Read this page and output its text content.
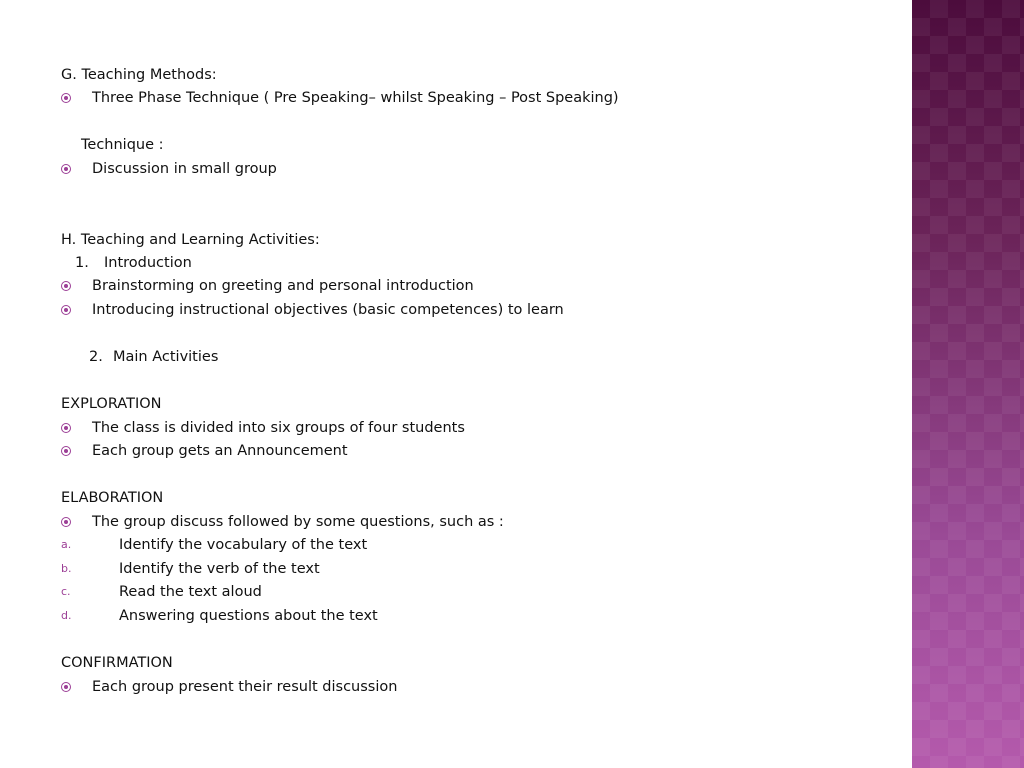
G. Teaching Methods:
Three Phase Technique ( Pre Speaking– whilst Speaking – Post Speaking)
Technique :
Discussion in small group
H. Teaching and Learning Activities:
1. Introduction
Brainstorming on greeting and personal introduction
Introducing instructional objectives (basic competences) to learn
2. Main Activities
EXPLORATION
The class is divided into six groups of four students
Each group gets an Announcement
ELABORATION
The group discuss followed by some questions, such as :
a.	Identify the vocabulary of the text
b.	Identify the verb of the text
c.	Read the text aloud
d.	Answering questions about the text
CONFIRMATION
Each group present their result discussion
